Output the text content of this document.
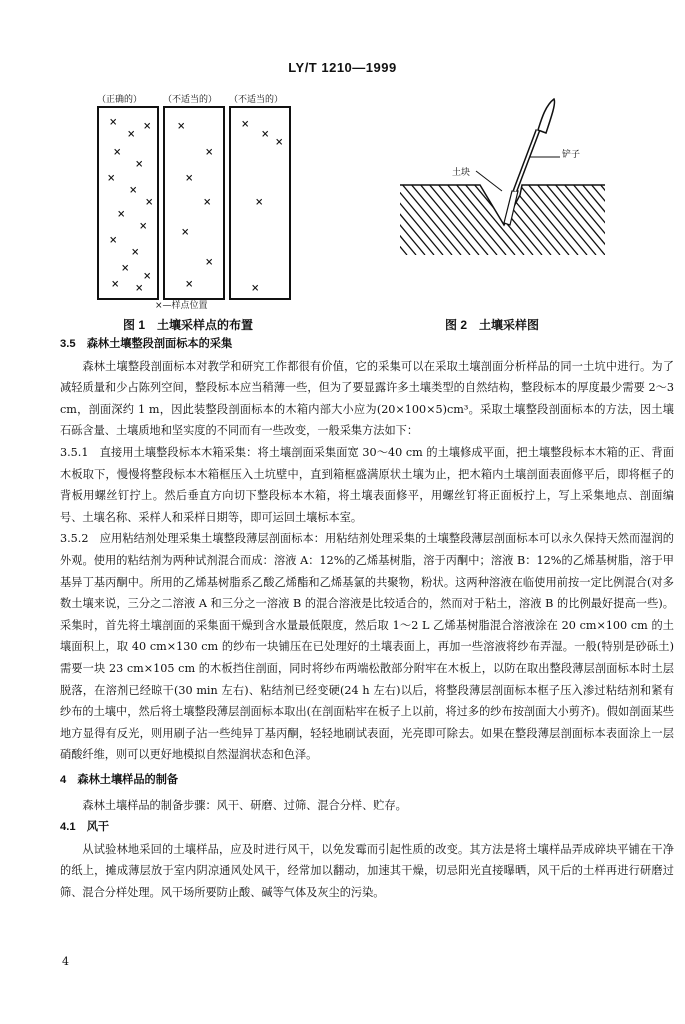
LY/T 1210—1999
（正确的） （不适当的） （不适当的）
×
×
×
×
×
×
×
×
×
×
×
×
×
×
× ×
×
×
×
×
×
×
×
×
×
×
×
×
×—样点位置
土块
铲子
图 1　土壤采样点的布置	图 2　土壤采样图
3.5　森林土壤整段剖面标本的采集

森林土壤整段剖面标本对教学和研究工作都很有价值，它的采集可以在采取土壤剖面分析样品的同一土坑中进行。为了减轻质量和少占陈列空间，整段标本应当稍薄一些，但为了要显露许多土壤类型的自然结构，整段标本的厚度最少需要 2～3 cm，剖面深约 1 m，因此装整段剖面标本的木箱内部大小应为(20×100×5)cm³。采取土壤整段剖面标本的方法，因土壤石砾含量、土壤质地和坚实度的不同而有一些改变，一般采集方法如下：

3.5.1　直接用土壤整段标本木箱采集：将土壤剖面采集面宽 30～40 cm 的土壤修成平面，把土壤整段标本木箱的正、背面木板取下，慢慢将整段标本木箱框压入土坑壁中，直到箱框盛满原状土壤为止，把木箱内土壤剖面表面修平后，即将框子的背板用螺丝钉拧上。然后垂直方向切下整段标本木箱，将土壤表面修平，用螺丝钉将正面板拧上，写上采集地点、剖面编号、土壤名称、采样人和采样日期等，即可运回土壤标本室。

3.5.2　应用粘结剂处理采集土壤整段薄层剖面标本：用粘结剂处理采集的土壤整段薄层剖面标本可以永久保持天然而湿润的外观。使用的粘结剂为两种试剂混合而成：溶液 A：12%的乙烯基树脂，溶于丙酮中；溶液 B：12%的乙烯基树脂，溶于甲基异丁基丙酮中。所用的乙烯基树脂系乙酸乙烯酯和乙烯基氯的共聚物，粉状。这两种溶液在临使用前按一定比例混合(对多数土壤来说，三分之二溶液 A 和三分之一溶液 B 的混合溶液是比较适合的，然而对于粘土，溶液 B 的比例最好提高一些)。采集时，首先将土壤剖面的采集面干燥到含水量最低限度，然后取 1～2 L 乙烯基树脂混合溶液涂在 20 cm×100 cm 的土壤面积上，取 40 cm×130 cm 的纱布一块铺压在已处理好的土壤表面上，再加一些溶液将纱布弄湿。一般(特别是砂砾土)需要一块 23 cm×105 cm 的木板挡住剖面，同时将纱布两端松散部分附牢在木板上，以防在取出整段薄层剖面标本时土层脱落，在溶剂已经晾干(30 min 左右)、粘结剂已经变硬(24 h 左右)以后，将整段薄层剖面标本框子压入渗过粘结剂和紧有纱布的土壤中，然后将土壤整段薄层剖面标本取出(在剖面粘牢在板子上以前，将过多的纱布按剖面大小剪齐)。假如剖面某些地方显得有反光，则用刷子沾一些纯异丁基丙酮，轻轻地刷试表面，光亮即可除去。如果在整段薄层剖面标本表面涂上一层硝酸纤维，则可以更好地模拟自然湿润状态和色泽。

4　森林土壤样品的制备

森林土壤样品的制备步骤：风干、研磨、过筛、混合分样、贮存。

4.1　风干

从试验林地采回的土壤样品，应及时进行风干，以免发霉而引起性质的改变。其方法是将土壤样品弄成碎块平铺在干净的纸上，摊成薄层放于室内阴凉通风处风干，经常加以翻动，加速其干燥，切忌阳光直接曝晒，风干后的土样再进行研磨过筛、混合分样处理。风干场所要防止酸、碱等气体及灰尘的污染。

4
